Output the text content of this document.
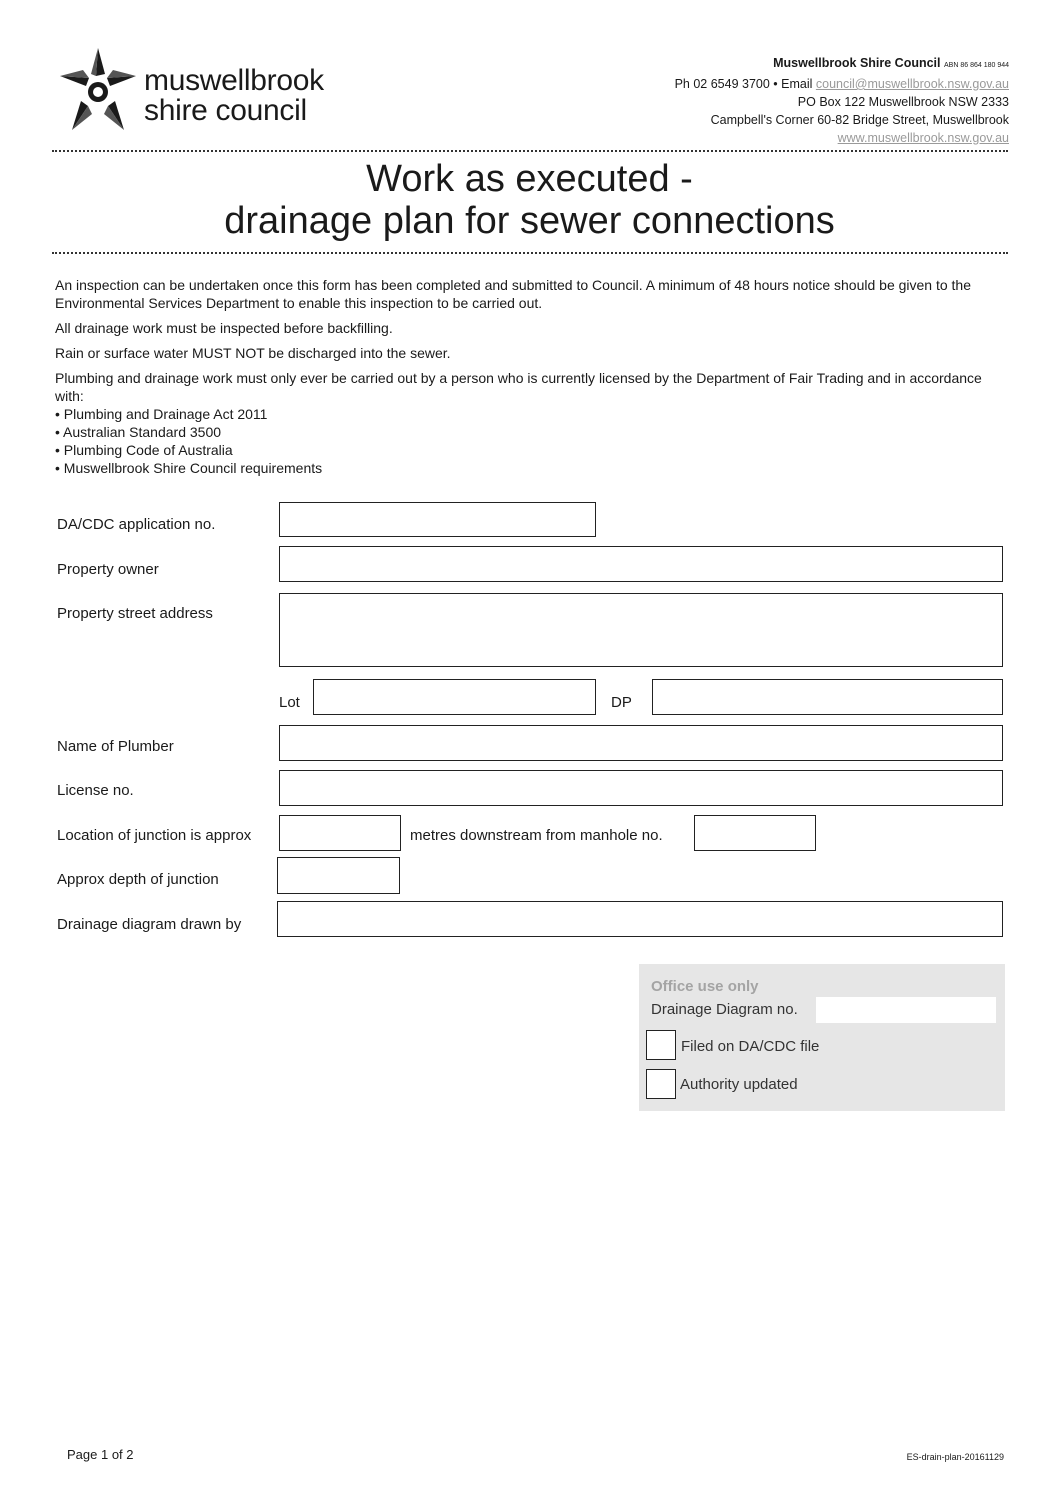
muswellbrook
shire council
Muswellbrook Shire Council ABN 86 864 180 944
Ph 02 6549 3700 • Email council@muswellbrook.nsw.gov.au
PO Box 122 Muswellbrook NSW 2333
Campbell's Corner 60-82 Bridge Street, Muswellbrook
www.muswellbrook.nsw.gov.au
Work as executed -
drainage plan for sewer connections

An inspection can be undertaken once this form has been completed and submitted to Council. A minimum of 48 hours notice should be given to the Environmental Services Department to enable this inspection to be carried out.

All drainage work must be inspected before backfilling.

Rain or surface water MUST NOT be discharged into the sewer.

Plumbing and drainage work must only ever be carried out by a person who is currently licensed by the Department of Fair Trading and in accordance with:

• Plumbing and Drainage Act 2011
• Australian Standard 3500
• Plumbing Code of Australia
• Muswellbrook Shire Council requirements
DA/CDC application no.
Property owner
Property street address
Lot	DP
Name of Plumber
License no.
Location of junction is approx	metres downstream from manhole no.
Approx depth of junction
Drainage diagram drawn by
Office use only
Drainage Diagram no.
Filed on DA/CDC file
Authority updated
Page 1 of 2	ES-drain-plan-20161129
